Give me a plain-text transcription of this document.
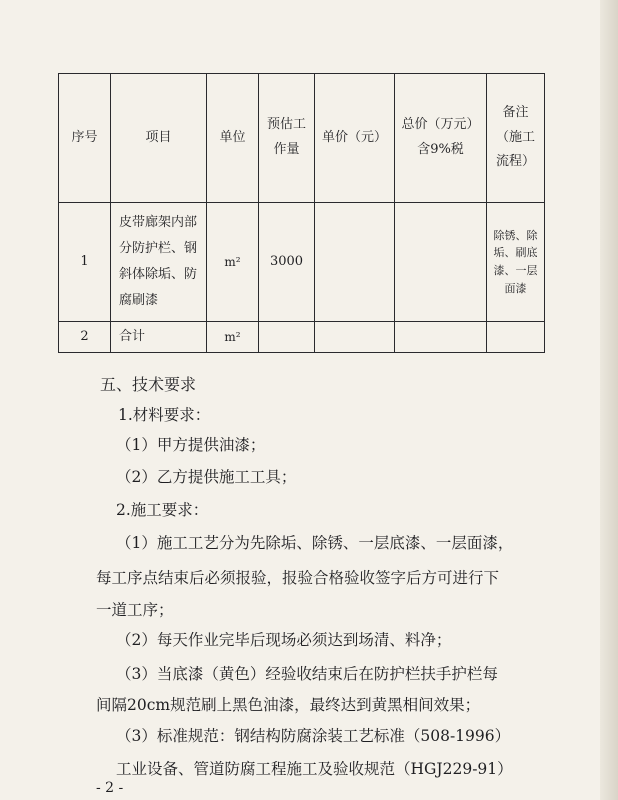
序号	项目	单位	预估工作量	单价（元）	总价（万元）含9%税	备注（施工流程）
1	皮带廊架内部
分防护栏、钢
斜体除垢、防
腐刷漆	m²	3000			除锈、除垢、刷底漆、一层面漆
2	合计	m²				
五、技术要求
1.材料要求：
（1）甲方提供油漆；
（2）乙方提供施工工具；
2.施工要求：
（1）施工工艺分为先除垢、除锈、一层底漆、一层面漆，
每工序点结束后必须报验，报验合格验收签字后方可进行下
一道工序；
（2）每天作业完毕后现场必须达到场清、料净；
（3）当底漆（黄色）经验收结束后在防护栏扶手护栏每
间隔20cm规范刷上黑色油漆，最终达到黄黑相间效果；
（3）标准规范：钢结构防腐涂装工艺标准（508-1996）
工业设备、管道防腐工程施工及验收规范（HGJ229-91）
- 2 -
